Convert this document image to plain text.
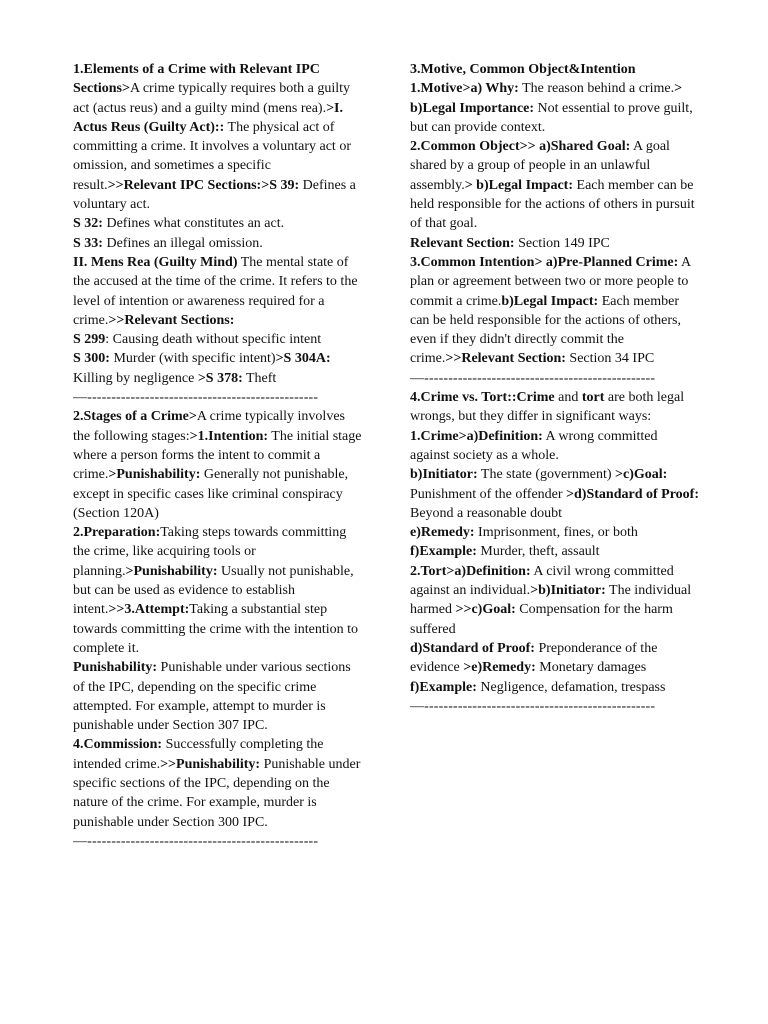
1.Elements of a Crime with Relevant IPC Sections>A crime typically requires both a guilty act (actus reus) and a guilty mind (mens rea).>I. Actus Reus (Guilty Act):: The physical act of committing a crime. It involves a voluntary act or omission, and sometimes a specific result.>>Relevant IPC Sections:>S 39: Defines a voluntary act.
S 32: Defines what constitutes an act.
S 33: Defines an illegal omission.
II. Mens Rea (Guilty Mind) The mental state of the accused at the time of the crime. It refers to the level of intention or awareness required for a crime.>>Relevant Sections:
S 299: Causing death without specific intent
S 300: Murder (with specific intent)>S 304A: Killing by negligence >S 378: Theft

—------------------------------------------------

2.Stages of a Crime>A crime typically involves the following stages:>1.Intention: The initial stage where a person forms the intent to commit a crime.>Punishability: Generally not punishable, except in specific cases like criminal conspiracy (Section 120A)
2.Preparation:Taking steps towards committing the crime, like acquiring tools or planning.>Punishability: Usually not punishable, but can be used as evidence to establish intent.>>3.Attempt:Taking a substantial step towards committing the crime with the intention to complete it.
Punishability: Punishable under various sections of the IPC, depending on the specific crime attempted. For example, attempt to murder is punishable under Section 307 IPC.
4.Commission: Successfully completing the intended crime.>>Punishability: Punishable under specific sections of the IPC, depending on the nature of the crime. For example, murder is punishable under Section 300 IPC.

—------------------------------------------------

3.Motive, Common Object&Intention
1.Motive>a) Why: The reason behind a crime.> b)Legal Importance: Not essential to prove guilt, but can provide context.
2.Common Object>> a)Shared Goal: A goal shared by a group of people in an unlawful assembly.> b)Legal Impact: Each member can be held responsible for the actions of others in pursuit of that goal.
Relevant Section: Section 149 IPC
3.Common Intention> a)Pre-Planned Crime: A plan or agreement between two or more people to commit a crime.b)Legal Impact: Each member can be held responsible for the actions of others, even if they didn't directly commit the crime.>>Relevant Section: Section 34 IPC

—------------------------------------------------

4.Crime vs. Tort::Crime and tort are both legal wrongs, but they differ in significant ways: 1.Crime>a)Definition: A wrong committed against society as a whole.
b)Initiator: The state (government) >c)Goal: Punishment of the offender >d)Standard of Proof: Beyond a reasonable doubt
e)Remedy: Imprisonment, fines, or both
f)Example: Murder, theft, assault
2.Tort>a)Definition: A civil wrong committed against an individual.>b)Initiator: The individual harmed >>c)Goal: Compensation for the harm suffered
d)Standard of Proof: Preponderance of the evidence >e)Remedy: Monetary damages
f)Example: Negligence, defamation, trespass

—------------------------------------------------
